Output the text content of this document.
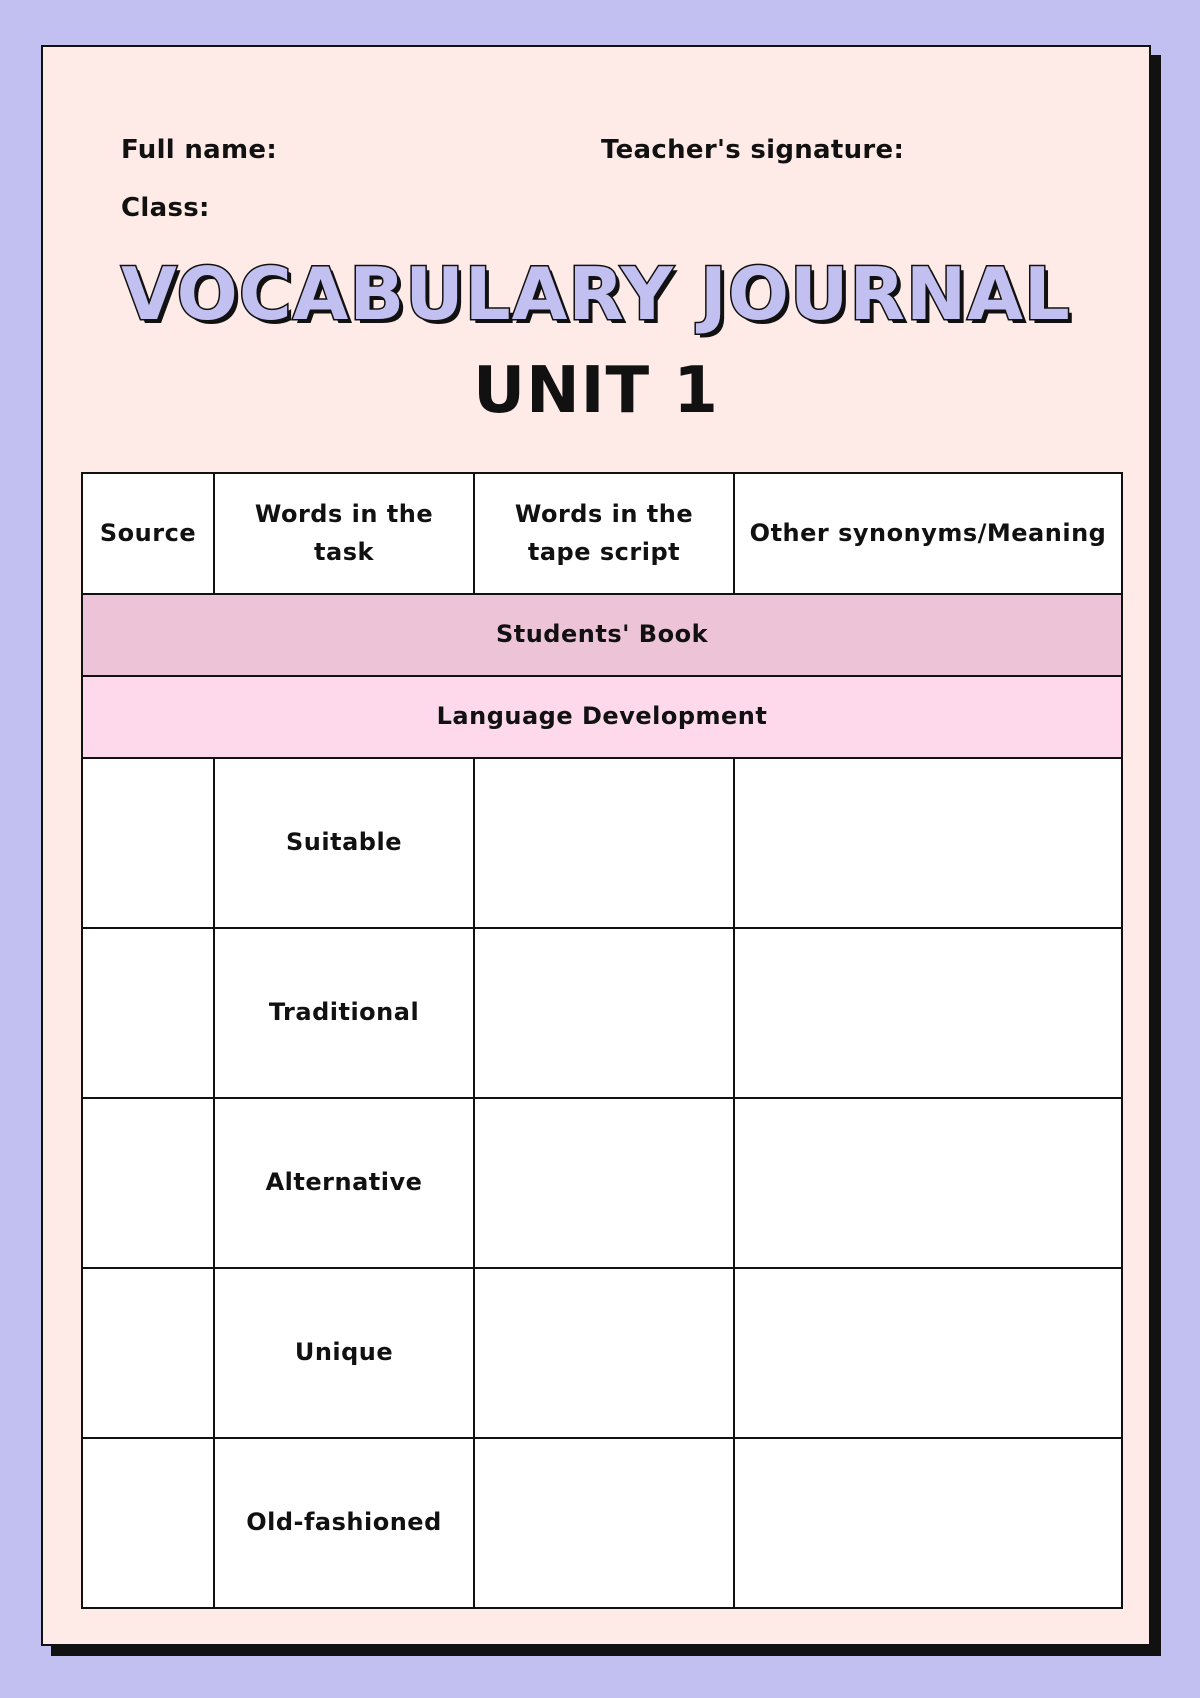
Full name:	Teacher's signature:
Class:
VOCABULARY JOURNAL
UNIT 1
Source	Words in the task	Words in the tape script	Other synonyms/Meaning
Students' Book			
Language Development			
	Suitable		
	Traditional		
	Alternative		
	Unique		
	Old-fashioned		
